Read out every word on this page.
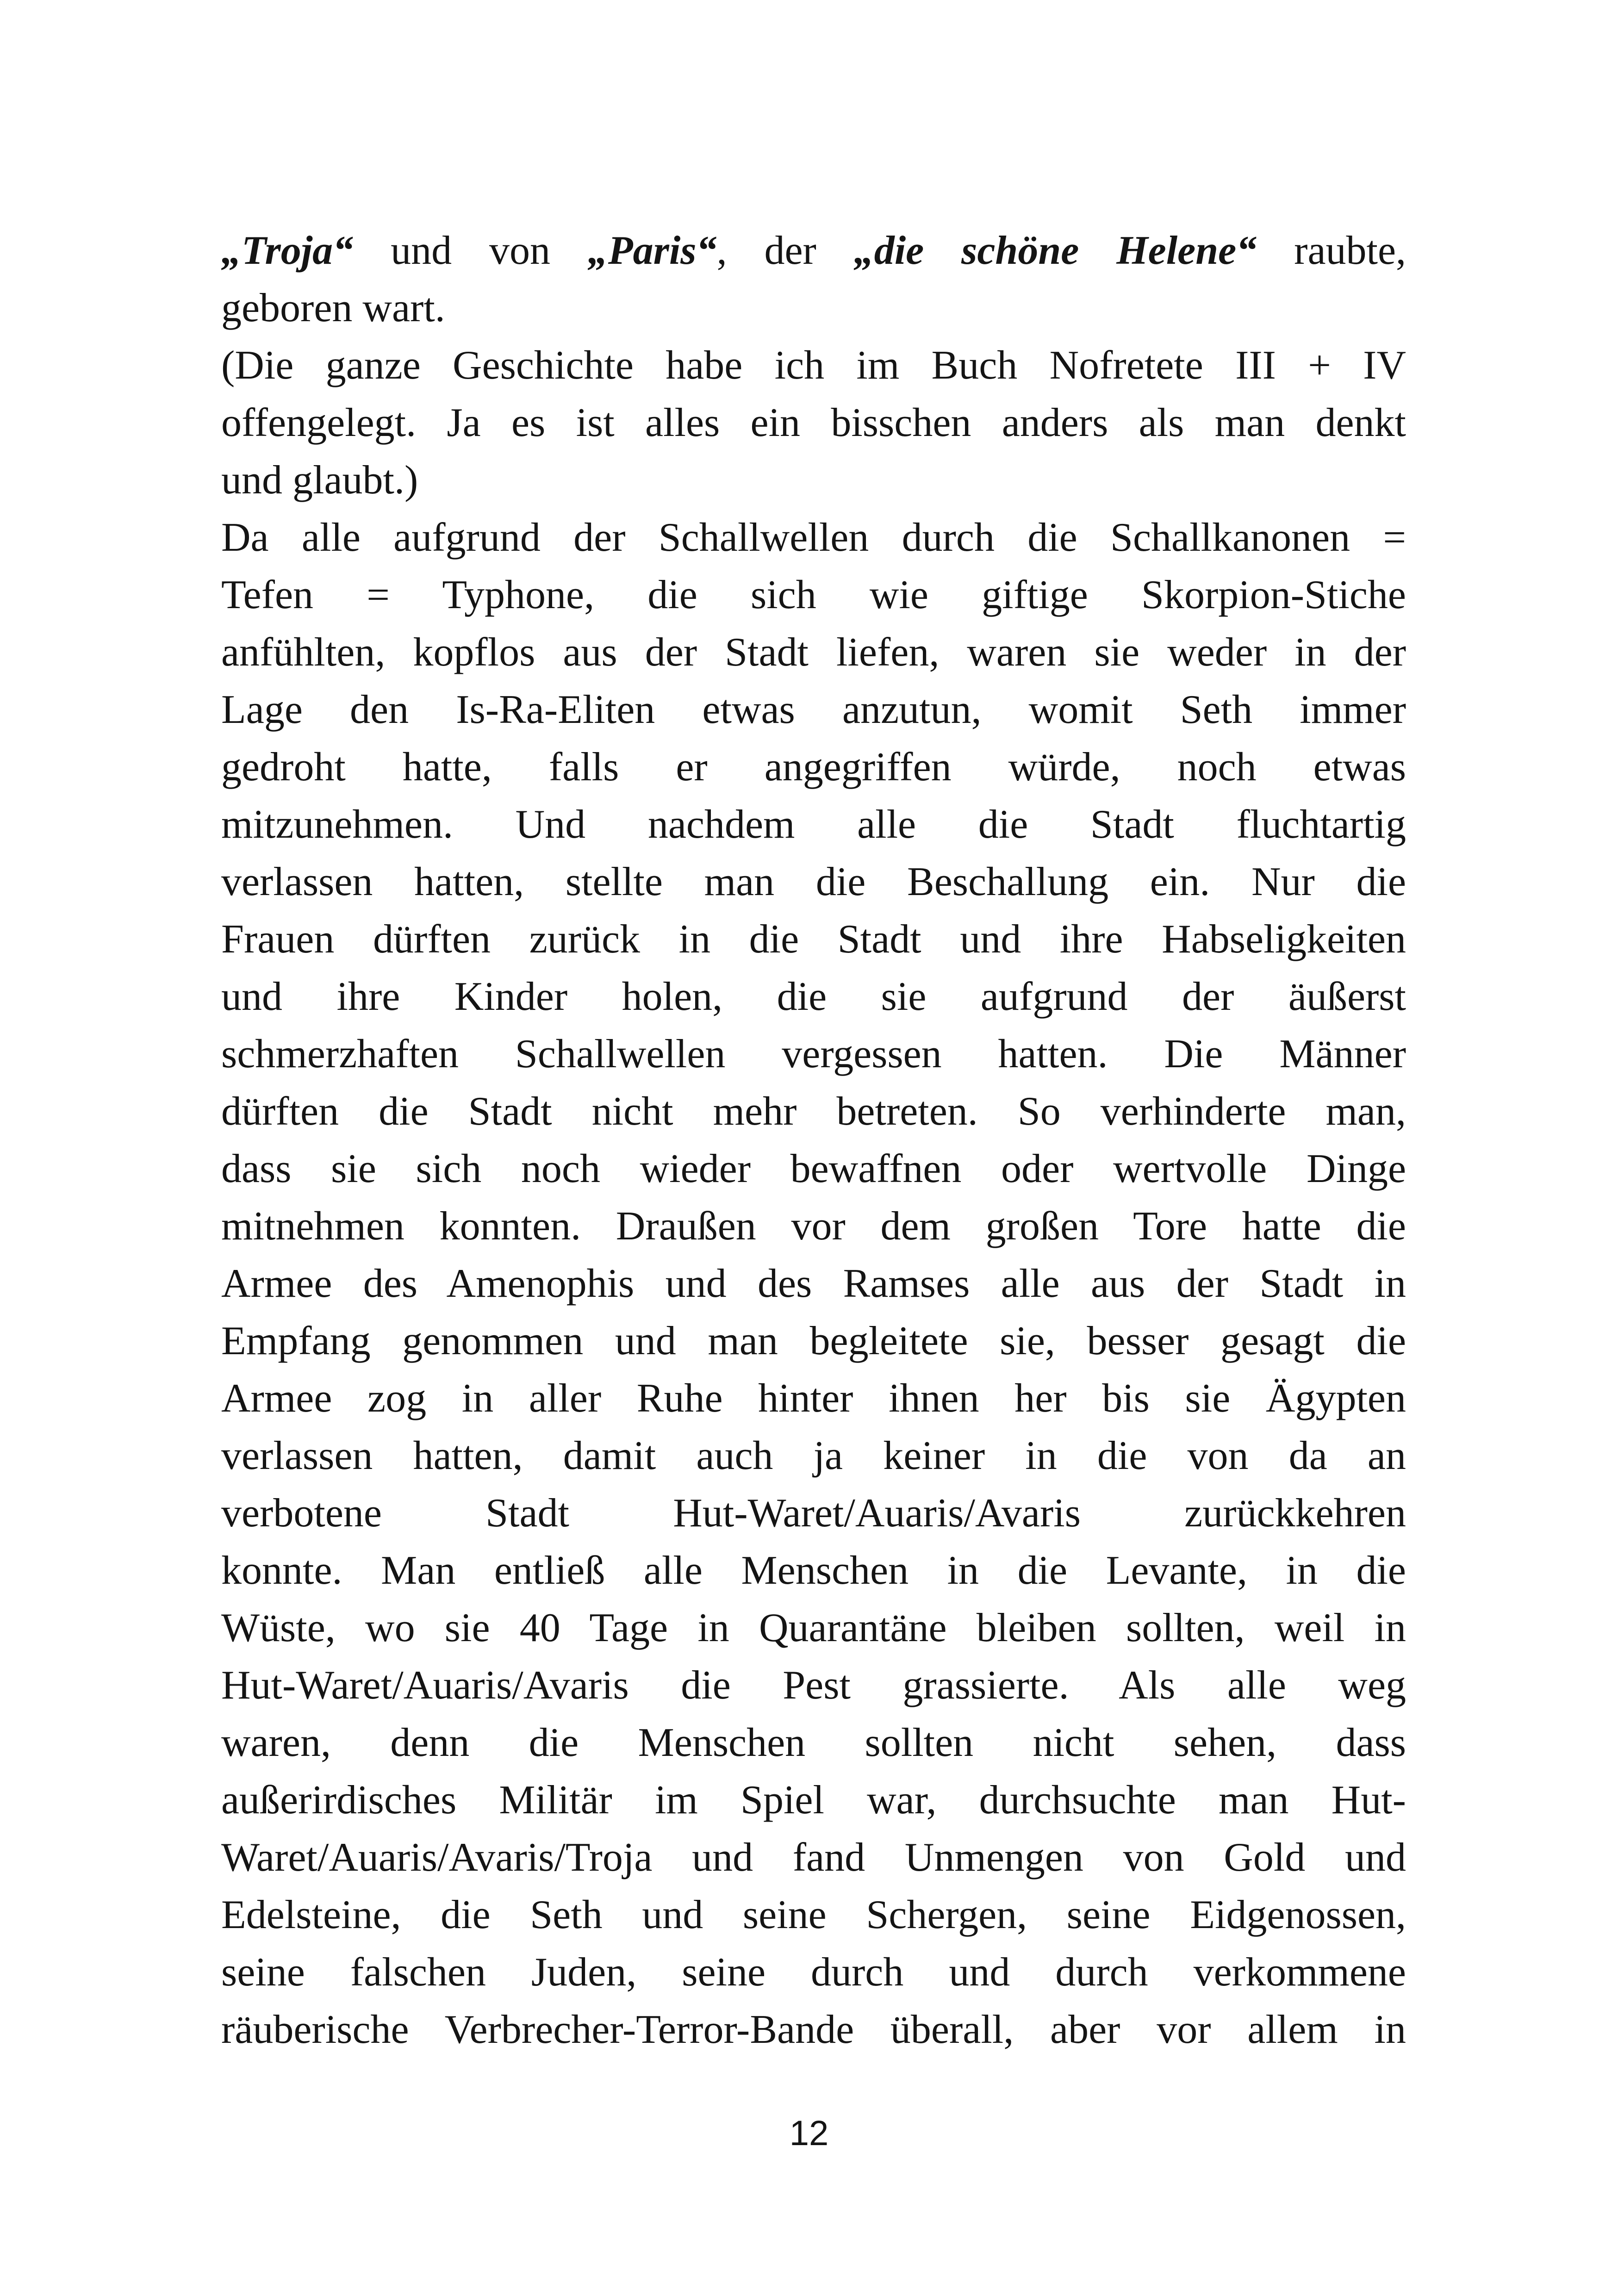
„Troja“ und von „Paris“, der „die schöne Helene“ raubte,
geboren wart.
(Die ganze Geschichte habe ich im Buch Nofretete III + IV
offengelegt. Ja es ist alles ein bisschen anders als man denkt
und glaubt.)
Da alle aufgrund der Schallwellen durch die Schallkanonen =
Tefen = Typhone, die sich wie giftige Skorpion-Stiche
anfühlten, kopflos aus der Stadt liefen, waren sie weder in der
Lage den Is-Ra-Eliten etwas anzutun, womit Seth immer
gedroht hatte, falls er angegriffen würde, noch etwas
mitzunehmen. Und nachdem alle die Stadt fluchtartig
verlassen hatten, stellte man die Beschallung ein. Nur die
Frauen dürften zurück in die Stadt und ihre Habseligkeiten
und ihre Kinder holen, die sie aufgrund der äußerst
schmerzhaften Schallwellen vergessen hatten. Die Männer
dürften die Stadt nicht mehr betreten. So verhinderte man,
dass sie sich noch wieder bewaffnen oder wertvolle Dinge
mitnehmen konnten. Draußen vor dem großen Tore hatte die
Armee des Amenophis und des Ramses alle aus der Stadt in
Empfang genommen und man begleitete sie, besser gesagt die
Armee zog in aller Ruhe hinter ihnen her bis sie Ägypten
verlassen hatten, damit auch ja keiner in die von da an
verbotene Stadt Hut-Waret/Auaris/Avaris zurückkehren
konnte. Man entließ alle Menschen in die Levante, in die
Wüste, wo sie 40 Tage in Quarantäne bleiben sollten, weil in
Hut-Waret/Auaris/Avaris die Pest grassierte. Als alle weg
waren, denn die Menschen sollten nicht sehen, dass
außerirdisches Militär im Spiel war, durchsuchte man Hut-
Waret/Auaris/Avaris/Troja und fand Unmengen von Gold und
Edelsteine, die Seth und seine Schergen, seine Eidgenossen,
seine falschen Juden, seine durch und durch verkommene
räuberische Verbrecher-Terror-Bande überall, aber vor allem in
12
